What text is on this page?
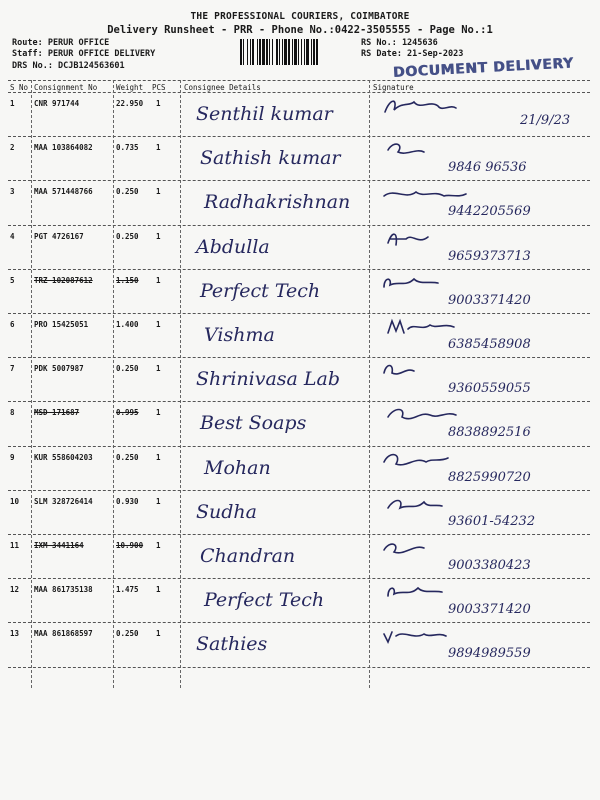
THE PROFESSIONAL COURIERS, COIMBATORE
Delivery Runsheet - PRR - Phone No.:0422-3505555 - Page No.:1
Route: PERUR OFFICE
Staff: PERUR OFFICE DELIVERY
DRS No.: DCJB124563601
RS No.: 1245636
RS Date: 21-Sep-2023
DOCUMENT DELIVERY
S No Consignment No	Weight PCS Consignee Details	Signature
1	CNR 971744	22.950 1 Senthil kumar	21/9/23
2	MAA 103864082	0.735 1 Sathish kumar	9846 96536
3	MAA 571448766	0.250 1 Radhakrishnan	9442205569
4	PGT 4726167	0.250 1 Abdulla	9659373713
5	TRZ 102087612	1.150 1 Perfect Tech	9003371420
6	PRO 15425051	1.400 1 Vishma	6385458908
7	PDK 5007987	0.250 1 Shrinivasa Lab	9360559055
8	MSD 171687	0.995 1 Best Soaps	8838892516
9	KUR 558604203	0.250 1 Mohan	8825990720
10 SLM 328726414	0.930 1 Sudha	93601-54232
11 IXM 3441164	10.900 1 Chandran	9003380423
12 MAA 861735138	1.475 1 Perfect Tech	9003371420
13 MAA 861868597	0.250 1 Sathies	9894989559
